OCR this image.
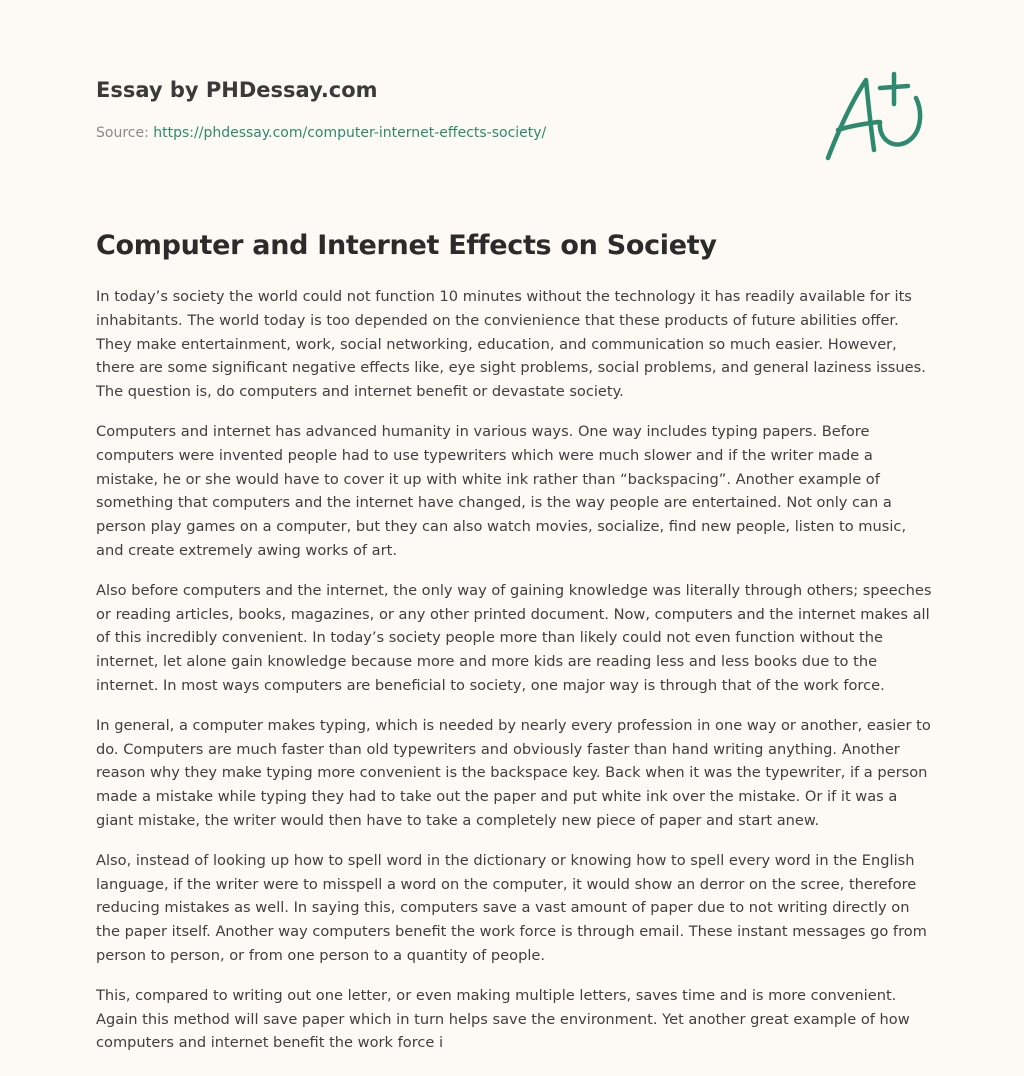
Essay by PHDessay.com

Source: https://phdessay.com/computer-internet-effects-society/
Computer and Internet Effects on Society

In today’s society the world could not function 10 minutes without the technology it has readily available for its inhabitants. The world today is too depended on the convienience that these products of future abilities offer. They make entertainment, work, social networking, education, and communication so much easier. However, there are some significant negative effects like, eye sight problems, social problems, and general laziness issues. The question is, do computers and internet benefit or devastate society.

Computers and internet has advanced humanity in various ways. One way includes typing papers. Before computers were invented people had to use typewriters which were much slower and if the writer made a mistake, he or she would have to cover it up with white ink rather than “backspacing”. Another example of something that computers and the internet have changed, is the way people are entertained. Not only can a person play games on a computer, but they can also watch movies, socialize, find new people, listen to music, and create extremely awing works of art.

Also before computers and the internet, the only way of gaining knowledge was literally through others; speeches or reading articles, books, magazines, or any other printed document. Now, computers and the internet makes all of this incredibly convenient. In today’s society people more than likely could not even function without the internet, let alone gain knowledge because more and more kids are reading less and less books due to the internet. In most ways computers are beneficial to society, one major way is through that of the work force.

In general, a computer makes typing, which is needed by nearly every profession in one way or another, easier to do. Computers are much faster than old typewriters and obviously faster than hand writing anything. Another reason why they make typing more convenient is the backspace key. Back when it was the typewriter, if a person made a mistake while typing they had to take out the paper and put white ink over the mistake. Or if it was a giant mistake, the writer would then have to take a completely new piece of paper and start anew.

Also, instead of looking up how to spell word in the dictionary or knowing how to spell every word in the English language, if the writer were to misspell a word on the computer, it would show an derror on the scree, therefore reducing mistakes as well. In saying this, computers save a vast amount of paper due to not writing directly on the paper itself. Another way computers benefit the work force is through email. These instant messages go from person to person, or from one person to a quantity of people.

This, compared to writing out one letter, or even making multiple letters, saves time and is more convenient. Again this method will save paper which in turn helps save the environment. Yet another great example of how computers and internet benefit the work force i
